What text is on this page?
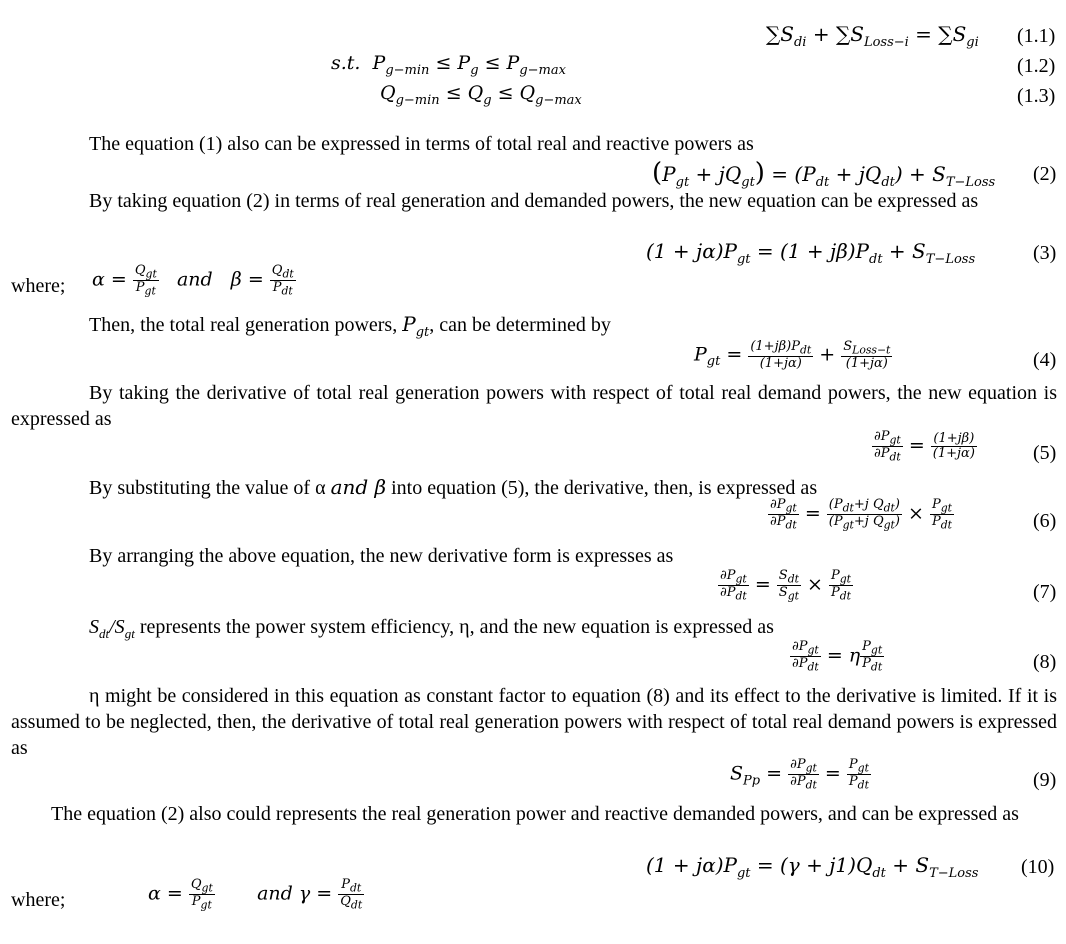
$\sum S_{di} + \sum S_{Loss-i} = \sum S_{gi}$ (1.1)
s.t.  $P_{g-min} \le P_g \le P_{g-max}$	(1.2)
$Q_{g-min} \le Q_g \le Q_{g-max}$	(1.3)
The equation (1) also can be expressed in terms of total real and reactive powers as
$(P_{gt} + jQ_{gt}) = (P_{dt} + jQ_{dt}) + S_{T-Loss}$ (2)
By taking equation (2) in terms of real generation and demanded powers, the new equation can be expressed as
$(1 + j\alpha)P_{gt} = (1 + j\beta)P_{dt} + S_{T-Loss}$	(3)
where; $\alpha = \frac{Q_{gt}}{P_{gt}}$ and   $\beta = \frac{Q_{dt}}{P_{dt}}$
Then, the total real generation powers, $P_{gt}$, can be determined by
$P_{gt} = \frac{(1+j\beta)P_{dt}}{(1+j\alpha)} + \frac{S_{Loss-t}}{(1+j\alpha)}$	(4)
By taking the derivative of total real generation powers with respect of total real demand powers, the new equation is expressed as
$\frac{\partial P_{gt}}{\partial P_{dt}} = \frac{(1+j\beta)}{(1+j\alpha)}$	(5)
By substituting the value of α and β into equation (5), the derivative, then, is expressed as
$\frac{\partial P_{gt}}{\partial P_{dt}} = \frac{(P_{dt}+j Q_{dt})}{(P_{gt}+j Q_{gt})} \times \frac{P_{gt}}{P_{dt}}$	(6)
By arranging the above equation, the new derivative form is expresses as
$\frac{\partial P_{gt}}{\partial P_{dt}} = \frac{S_{dt}}{S_{gt}} \times \frac{P_{gt}}{P_{dt}}$	(7)
$S_{dt}/S_{gt}$ represents the power system efficiency, η, and the new equation is expressed as
$\frac{\partial P_{gt}}{\partial P_{dt}} = \eta \frac{P_{gt}}{P_{dt}}$	(8)
η might be considered in this equation as constant factor to equation (8) and its effect to the derivative is limited. If it is assumed to be neglected, then, the derivative of total real generation powers with respect of total real demand powers is expressed as
$S_{Pp} = \frac{\partial P_{gt}}{\partial P_{dt}} = \frac{P_{gt}}{P_{dt}}$	(9)
The equation (2) also could represents the real generation power and reactive demanded powers, and can be expressed as
$(1 + j\alpha)P_{gt} = (\gamma + j1)Q_{dt} + S_{T-Loss}$ (10)
where;	$\alpha = \frac{Q_{gt}}{P_{gt}}$ and $\gamma = \frac{P_{dt}}{Q_{dt}}$
